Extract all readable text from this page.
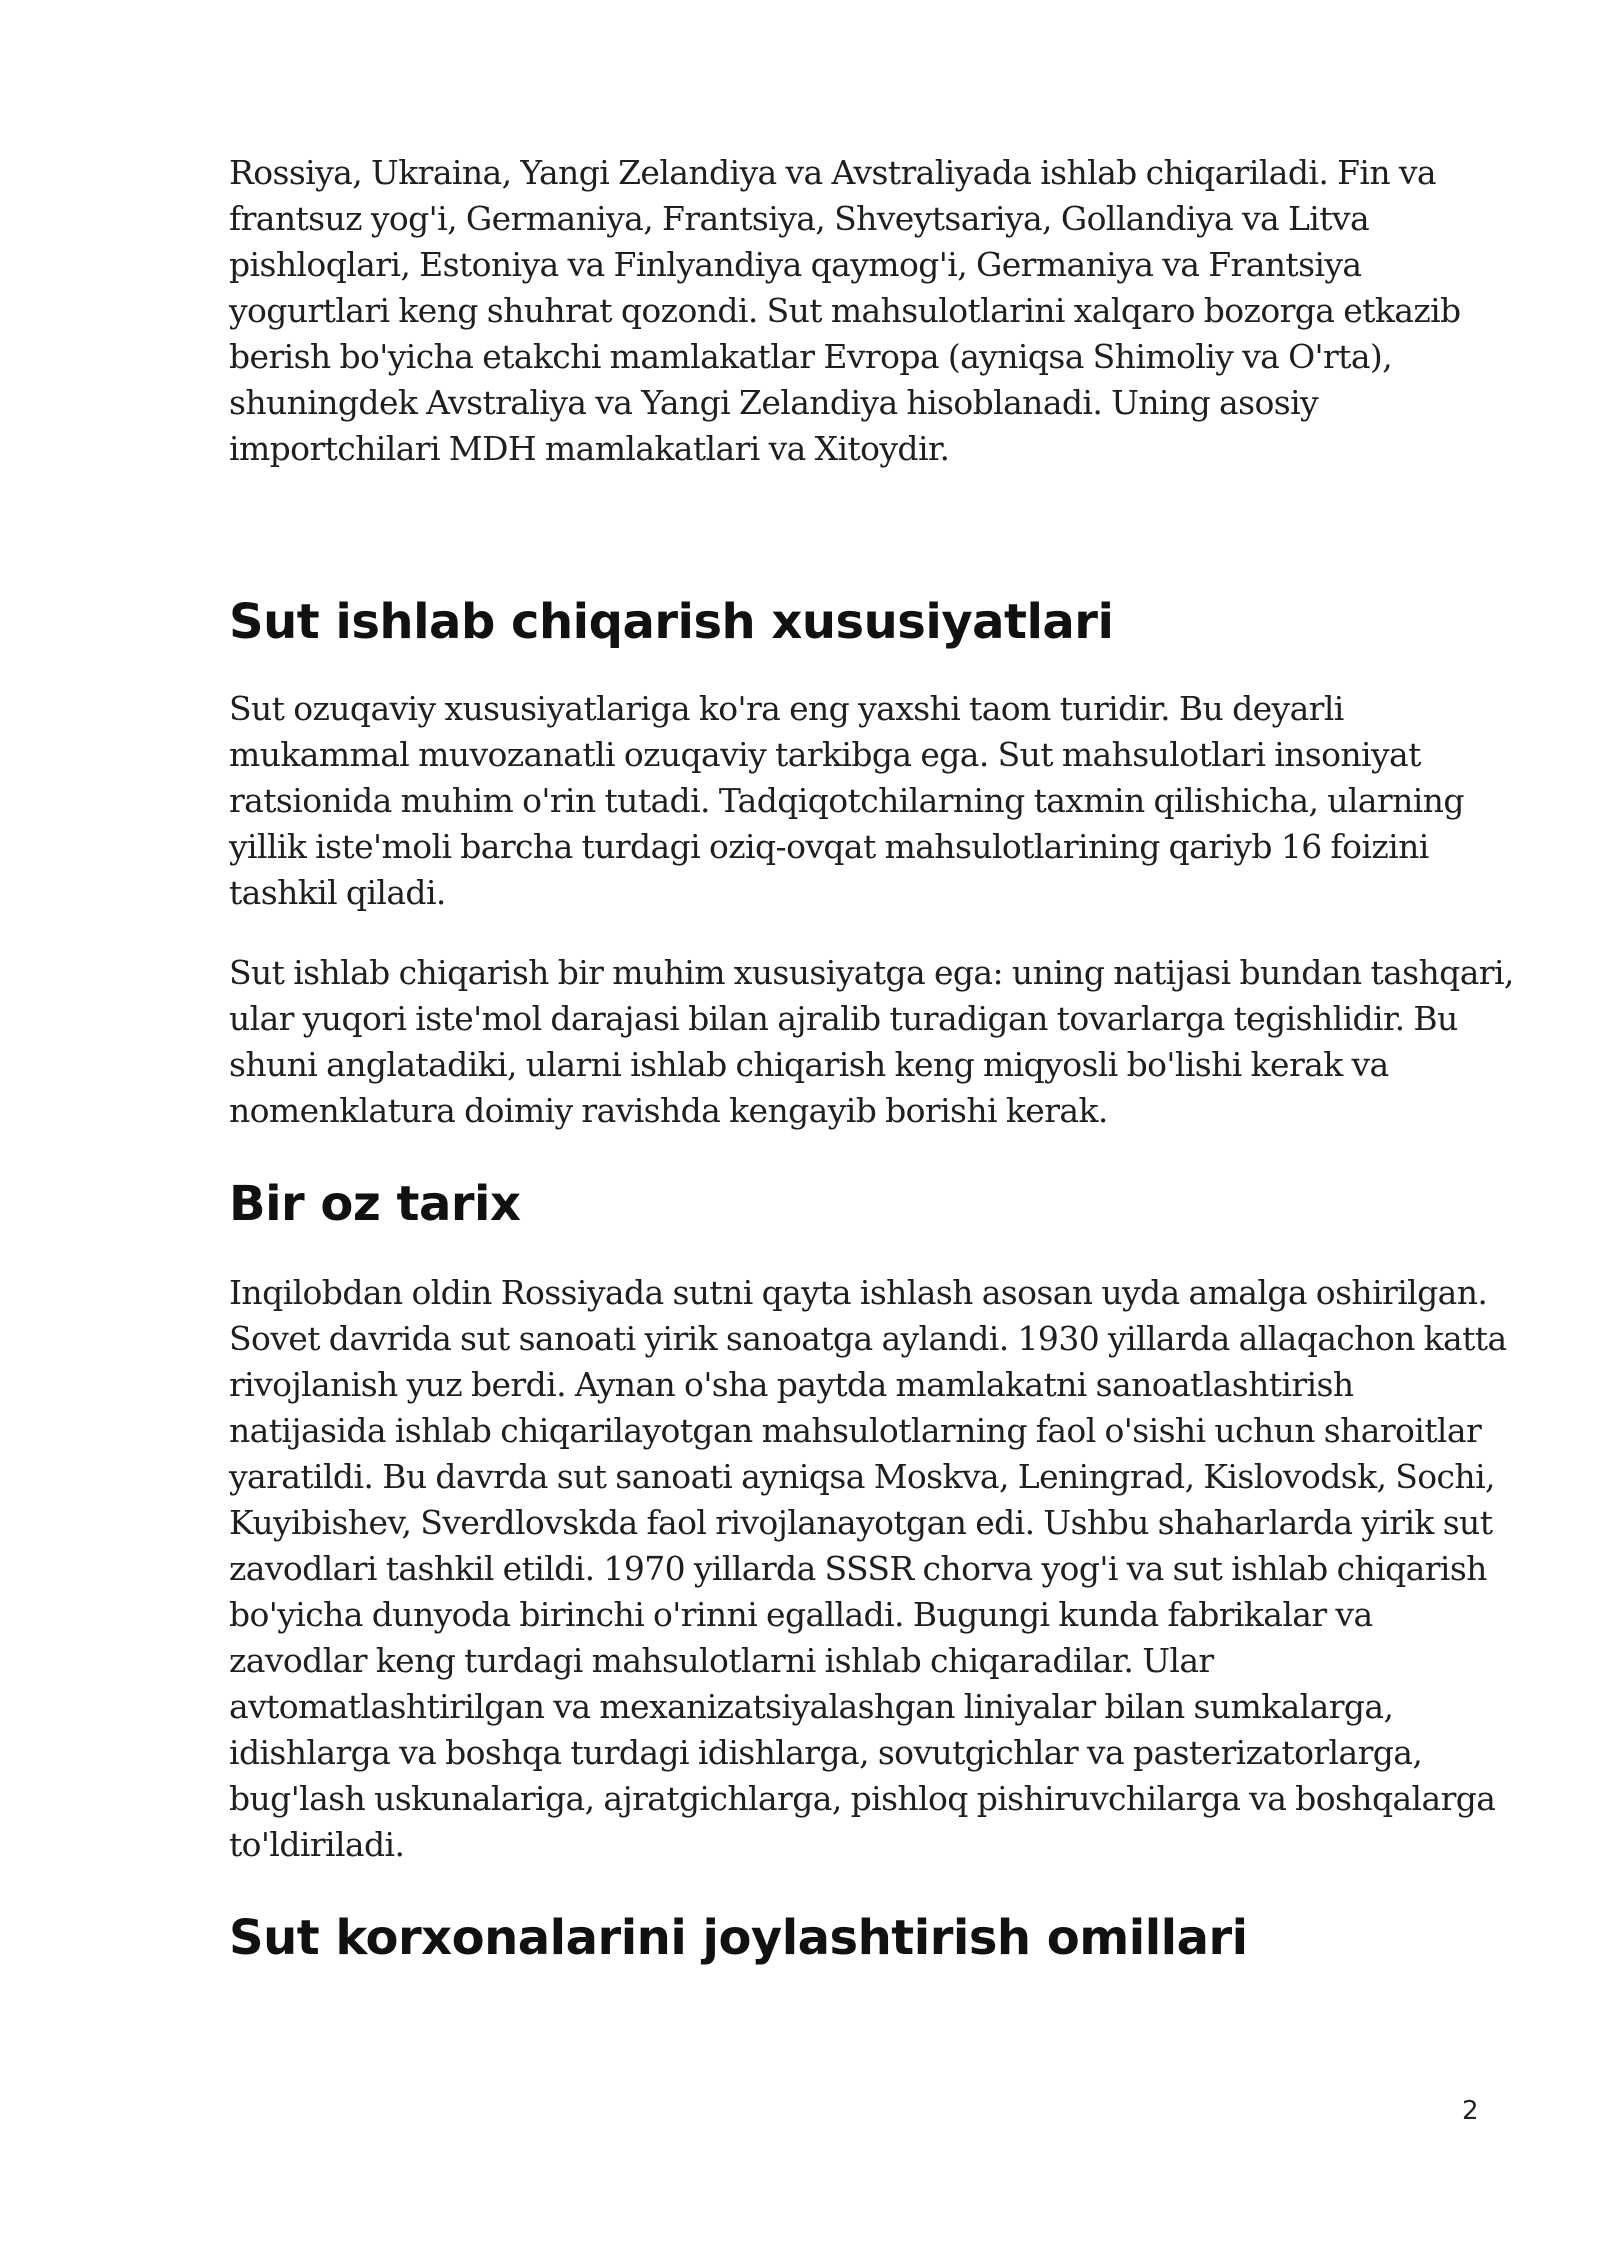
Rossiya, Ukraina, Yangi Zelandiya va Avstraliyada ishlab chiqariladi. Fin va frantsuz yog'i, Germaniya, Frantsiya, Shveytsariya, Gollandiya va Litva pishloqlari, Estoniya va Finlyandiya qaymog'i, Germaniya va Frantsiya yogurtlari keng shuhrat qozondi. Sut mahsulotlarini xalqaro bozorga etkazib berish bo'yicha etakchi mamlakatlar Evropa (ayniqsa Shimoliy va O'rta), shuningdek Avstraliya va Yangi Zelandiya hisoblanadi. Uning asosiy importchilari MDH mamlakatlari va Xitoydir.

Sut ishlab chiqarish xususiyatlari

Sut ozuqaviy xususiyatlariga ko'ra eng yaxshi taom turidir. Bu deyarli mukammal muvozanatli ozuqaviy tarkibga ega. Sut mahsulotlari insoniyat ratsionida muhim o'rin tutadi. Tadqiqotchilarning taxmin qilishicha, ularning yillik iste'moli barcha turdagi oziq-ovqat mahsulotlarining qariyb 16 foizini tashkil qiladi.

Sut ishlab chiqarish bir muhim xususiyatga ega: uning natijasi bundan tashqari, ular yuqori iste'mol darajasi bilan ajralib turadigan tovarlarga tegishlidir. Bu shuni anglatadiki, ularni ishlab chiqarish keng miqyosli bo'lishi kerak va nomenklatura doimiy ravishda kengayib borishi kerak.

Bir oz tarix

Inqilobdan oldin Rossiyada sutni qayta ishlash asosan uyda amalga oshirilgan. Sovet davrida sut sanoati yirik sanoatga aylandi. 1930 yillarda allaqachon katta rivojlanish yuz berdi. Aynan o'sha paytda mamlakatni sanoatlashtirish natijasida ishlab chiqarilayotgan mahsulotlarning faol o'sishi uchun sharoitlar yaratildi. Bu davrda sut sanoati ayniqsa Moskva, Leningrad, Kislovodsk, Sochi, Kuyibishev, Sverdlovskda faol rivojlanayotgan edi. Ushbu shaharlarda yirik sut zavodlari tashkil etildi. 1970 yillarda SSSR chorva yog'i va sut ishlab chiqarish bo'yicha dunyoda birinchi o'rinni egalladi. Bugungi kunda fabrikalar va zavodlar keng turdagi mahsulotlarni ishlab chiqaradilar. Ular avtomatlashtirilgan va mexanizatsiyalashgan liniyalar bilan sumkalarga, idishlarga va boshqa turdagi idishlarga, sovutgichlar va pasterizatorlarga, bug'lash uskunalariga, ajratgichlarga, pishloq pishiruvchilarga va boshqalarga to'ldiriladi.

Sut korxonalarini joylashtirish omillari
2
